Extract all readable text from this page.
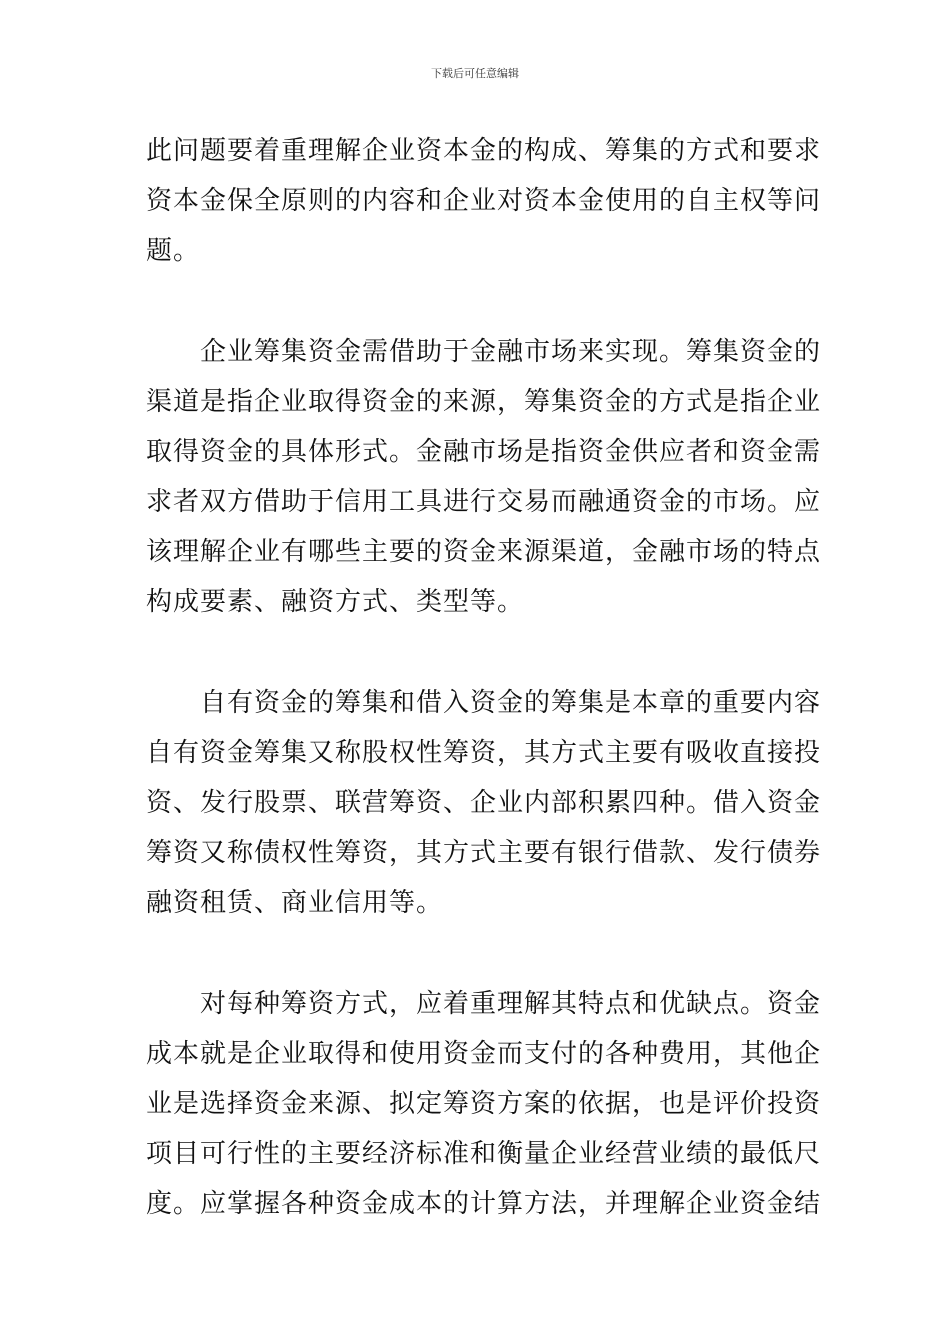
下载后可任意编辑

此问题要着重理解企业资本金的构成、筹集的方式和要求
资本金保全原则的内容和企业对资本金使用的自主权等问
题。

企业筹集资金需借助于金融市场来实现。筹集资金的
渠道是指企业取得资金的来源，筹集资金的方式是指企业
取得资金的具体形式。金融市场是指资金供应者和资金需
求者双方借助于信用工具进行交易而融通资金的市场。应
该理解企业有哪些主要的资金来源渠道，金融市场的特点
构成要素、融资方式、类型等。

自有资金的筹集和借入资金的筹集是本章的重要内容
自有资金筹集又称股权性筹资，其方式主要有吸收直接投
资、发行股票、联营筹资、企业内部积累四种。借入资金
筹资又称债权性筹资，其方式主要有银行借款、发行债券
融资租赁、商业信用等。

对每种筹资方式，应着重理解其特点和优缺点。资金
成本就是企业取得和使用资金而支付的各种费用，其他企
业是选择资金来源、拟定筹资方案的依据，也是评价投资
项目可行性的主要经济标准和衡量企业经营业绩的最低尺
度。应掌握各种资金成本的计算方法，并理解企业资金结
